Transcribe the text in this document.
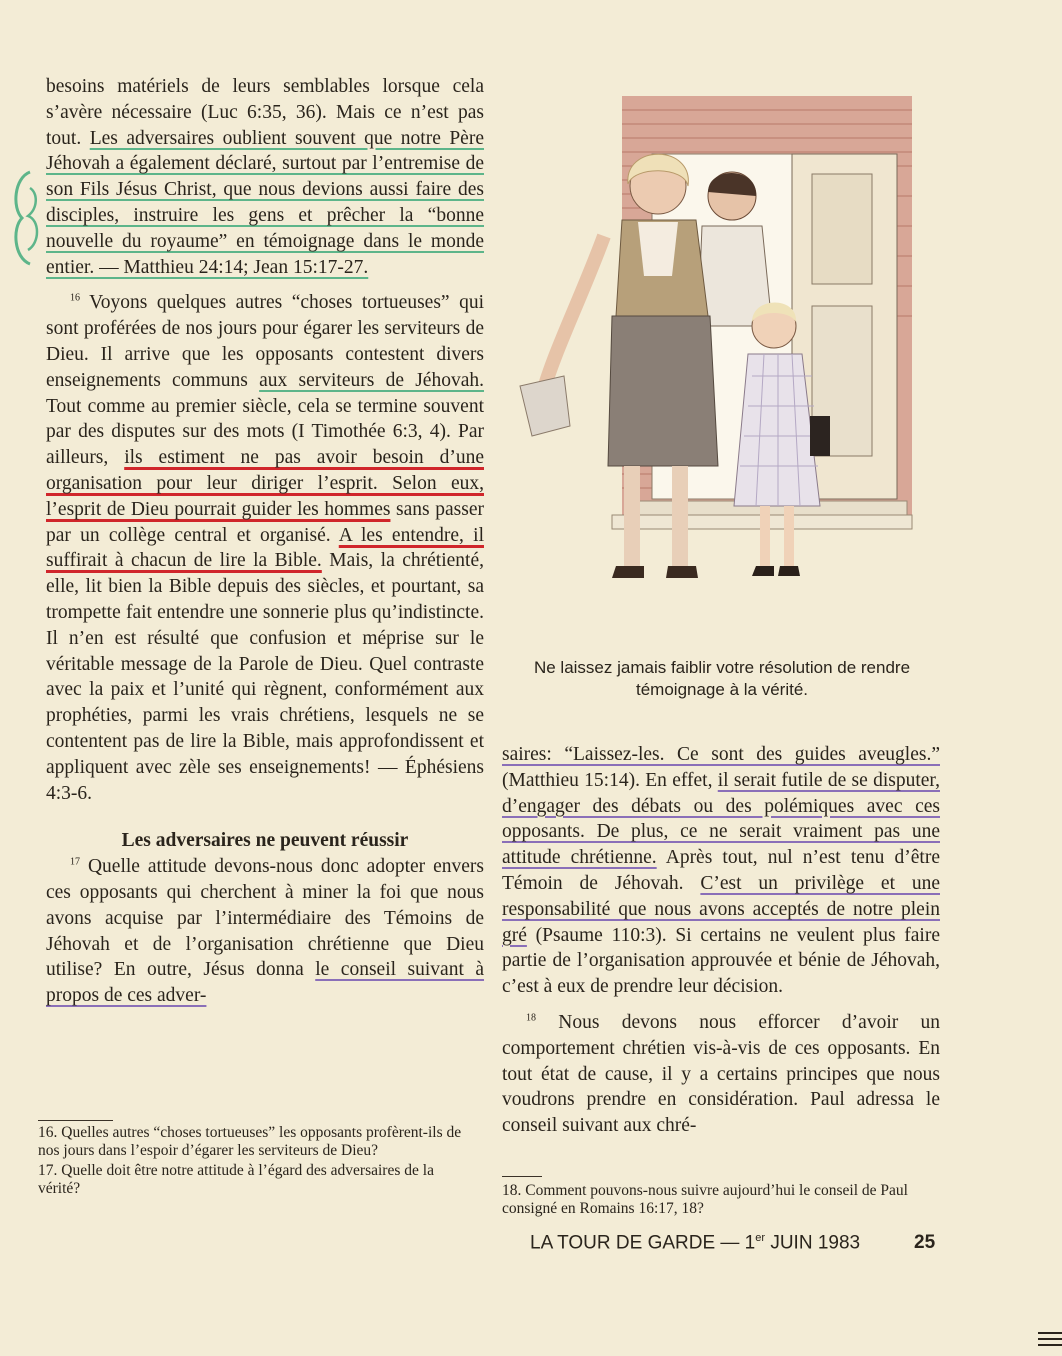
besoins matériels de leurs semblables lorsque cela s’avère nécessaire (Luc 6:35, 36). Mais ce n’est pas tout. Les adversaires oublient souvent que notre Père Jéhovah a également déclaré, surtout par l’entremise de son Fils Jésus Christ, que nous devions aussi faire des disciples, instruire les gens et prêcher la “bonne nouvelle du royaume” en témoignage dans le monde entier. — Matthieu 24:14; Jean 15:17-27.

$^{16}$ Voyons quelques autres “choses tortueuses” qui sont proférées de nos jours pour égarer les serviteurs de Dieu. Il arrive que les opposants contestent divers enseignements communs aux serviteurs de Jéhovah. Tout comme au premier siècle, cela se termine souvent par des disputes sur des mots (I Timothée 6:3, 4). Par ailleurs, ils estiment ne pas avoir besoin d’une organisation pour leur diriger l’esprit. Selon eux, l’esprit de Dieu pourrait guider les hommes sans passer par un collège central et organisé. A les entendre, il suffirait à chacun de lire la Bible. Mais, la chrétienté, elle, lit bien la Bible depuis des siècles, et pourtant, sa trompette fait entendre une sonnerie plus qu’indistincte. Il n’en est résulté que confusion et méprise sur le véritable message de la Parole de Dieu. Quel contraste avec la paix et l’unité qui règnent, conformément aux prophéties, parmi les vrais chrétiens, lesquels ne se contentent pas de lire la Bible, mais approfondissent et appliquent avec zèle ses enseignements! — Éphésiens 4:3-6.

Les adversaires ne peuvent réussir

$^{17}$ Quelle attitude devons-nous donc adopter envers ces opposants qui cherchent à miner la foi que nous avons acquise par l’intermédiaire des Témoins de Jéhovah et de l’organisation chrétienne que Dieu utilise? En outre, Jésus donna le conseil suivant à propos de ces adver-

16. Quelles autres “choses tortueuses” les opposants profèrent-ils de nos jours dans l’espoir d’égarer les serviteurs de Dieu?

17. Quelle doit être notre attitude à l’égard des adversaires de la vérité?

Ne laissez jamais faiblir votre résolution de rendre témoignage à la vérité.

saires: “Laissez-les. Ce sont des guides aveugles.” (Matthieu 15:14). En effet, il serait futile de se disputer, d’engager des débats ou des polémiques avec ces opposants. De plus, ce ne serait vraiment pas une attitude chrétienne. Après tout, nul n’est tenu d’être Témoin de Jéhovah. C’est un privilège et une responsabilité que nous avons acceptés de notre plein gré (Psaume 110:3). Si certains ne veulent plus faire partie de l’organisation approuvée et bénie de Jéhovah, c’est à eux de prendre leur décision.

$^{18}$ Nous devons nous efforcer d’avoir un comportement chrétien vis-à-vis de ces opposants. En tout état de cause, il y a certains principes que nous voudrons prendre en considération. Paul adressa le conseil suivant aux chré-

18. Comment pouvons-nous suivre aujourd’hui le conseil de Paul consigné en Romains 16:17, 18?

LA TOUR DE GARDE — 1er JUIN 1983	25
